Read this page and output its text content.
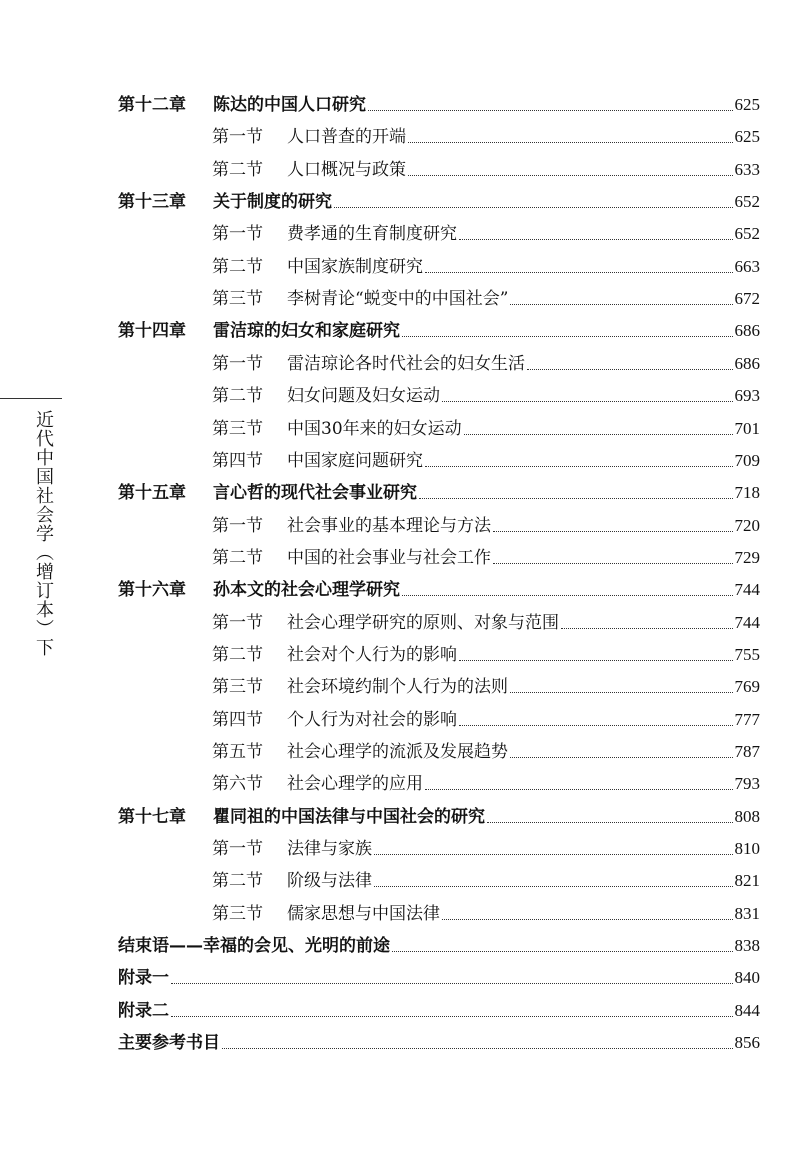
近代中国社会学（增订本）下
第十二章	陈达的中国人口研究	625
第一节	人口普查的开端	625
第二节	人口概况与政策	633
第十三章	关于制度的研究	652
第一节	费孝通的生育制度研究	652
第二节	中国家族制度研究	663
第三节	李树青论“蜕变中的中国社会”	672
第十四章	雷洁琼的妇女和家庭研究	686
第一节	雷洁琼论各时代社会的妇女生活	686
第二节	妇女问题及妇女运动	693
第三节	中国30年来的妇女运动	701
第四节	中国家庭问题研究	709
第十五章	言心哲的现代社会事业研究	718
第一节	社会事业的基本理论与方法	720
第二节	中国的社会事业与社会工作	729
第十六章	孙本文的社会心理学研究	744
第一节	社会心理学研究的原则、对象与范围	744
第二节	社会对个人行为的影响	755
第三节	社会环境约制个人行为的法则	769
第四节	个人行为对社会的影响	777
第五节	社会心理学的流派及发展趋势	787
第六节	社会心理学的应用	793
第十七章	瞿同祖的中国法律与中国社会的研究	808
第一节	法律与家族	810
第二节	阶级与法律	821
第三节	儒家思想与中国法律	831
结束语——幸福的会见、光明的前途	838
附录一	840
附录二	844
主要参考书目	856
